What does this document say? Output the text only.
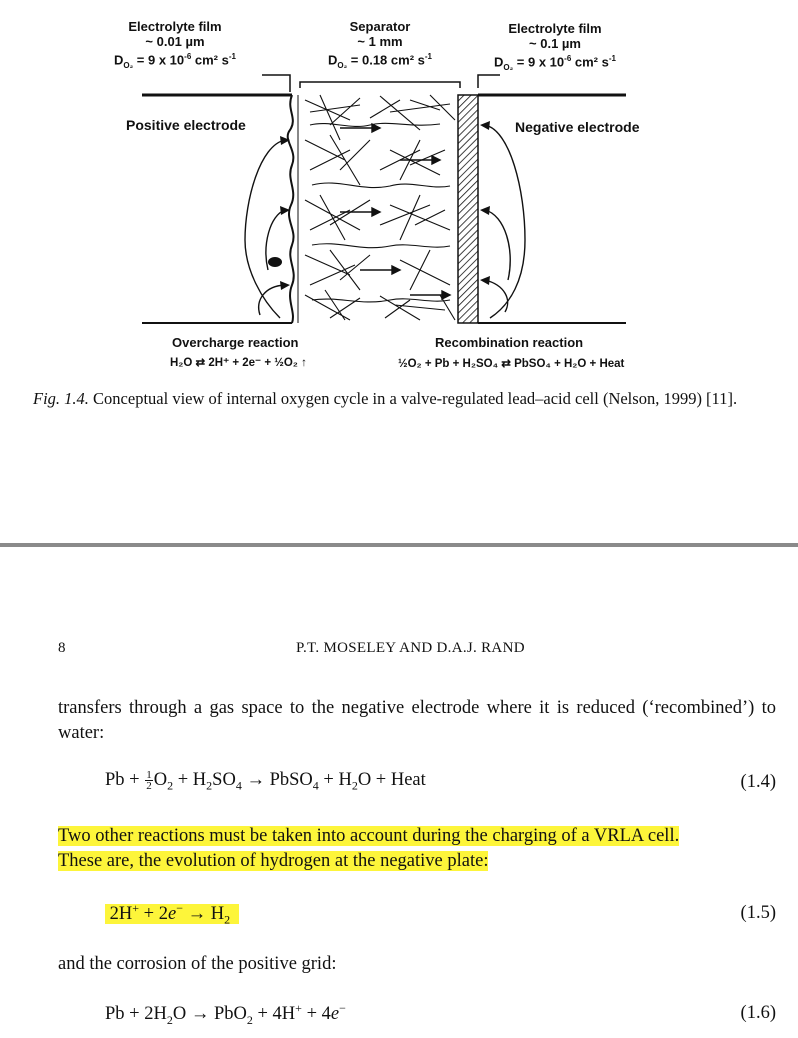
Electrolyte film
~ 0.01 µm
$D_{O_2} = 9$ x $10^{-6}$ cm² $s^{-1}$
Separator
~ 1 mm
$D_{O_2} = 0.18$ cm² $s^{-1}$
Electrolyte film
~ 0.1 µm
$D_{O_2} = 9$ x $10^{-6}$ cm² $s^{-1}$
Positive electrode	Negative electrode
Overcharge reaction
H₂O ⇄ 2H⁺ + 2e⁻ + ½O₂ ↑
Recombination reaction
½O₂ + Pb + H₂SO₄ ⇄ PbSO₄ + H₂O + Heat
Fig. 1.4. Conceptual view of internal oxygen cycle in a valve-regulated lead–acid cell (Nelson, 1999) [11].
8	P.T. MOSELEY AND D.A.J. RAND
transfers through a gas space to the negative electrode where it is reduced (‘recombined’) to water:
$Pb + \frac{1}{2} O_2 + H_2SO_4$ → PbSO$_4$ + $H_2O$ + Heat	(1.4)
Two other reactions must be taken into account during the charging of a VRLA cell.
These are, the evolution of hydrogen at the negative plate:
$2H^+ + 2e^- \to H_2$	(1.5)
and the corrosion of the positive grid:
$Pb + 2H_2O \to PbO_2 + 4H^+ + 4e^-$	(1.6)
